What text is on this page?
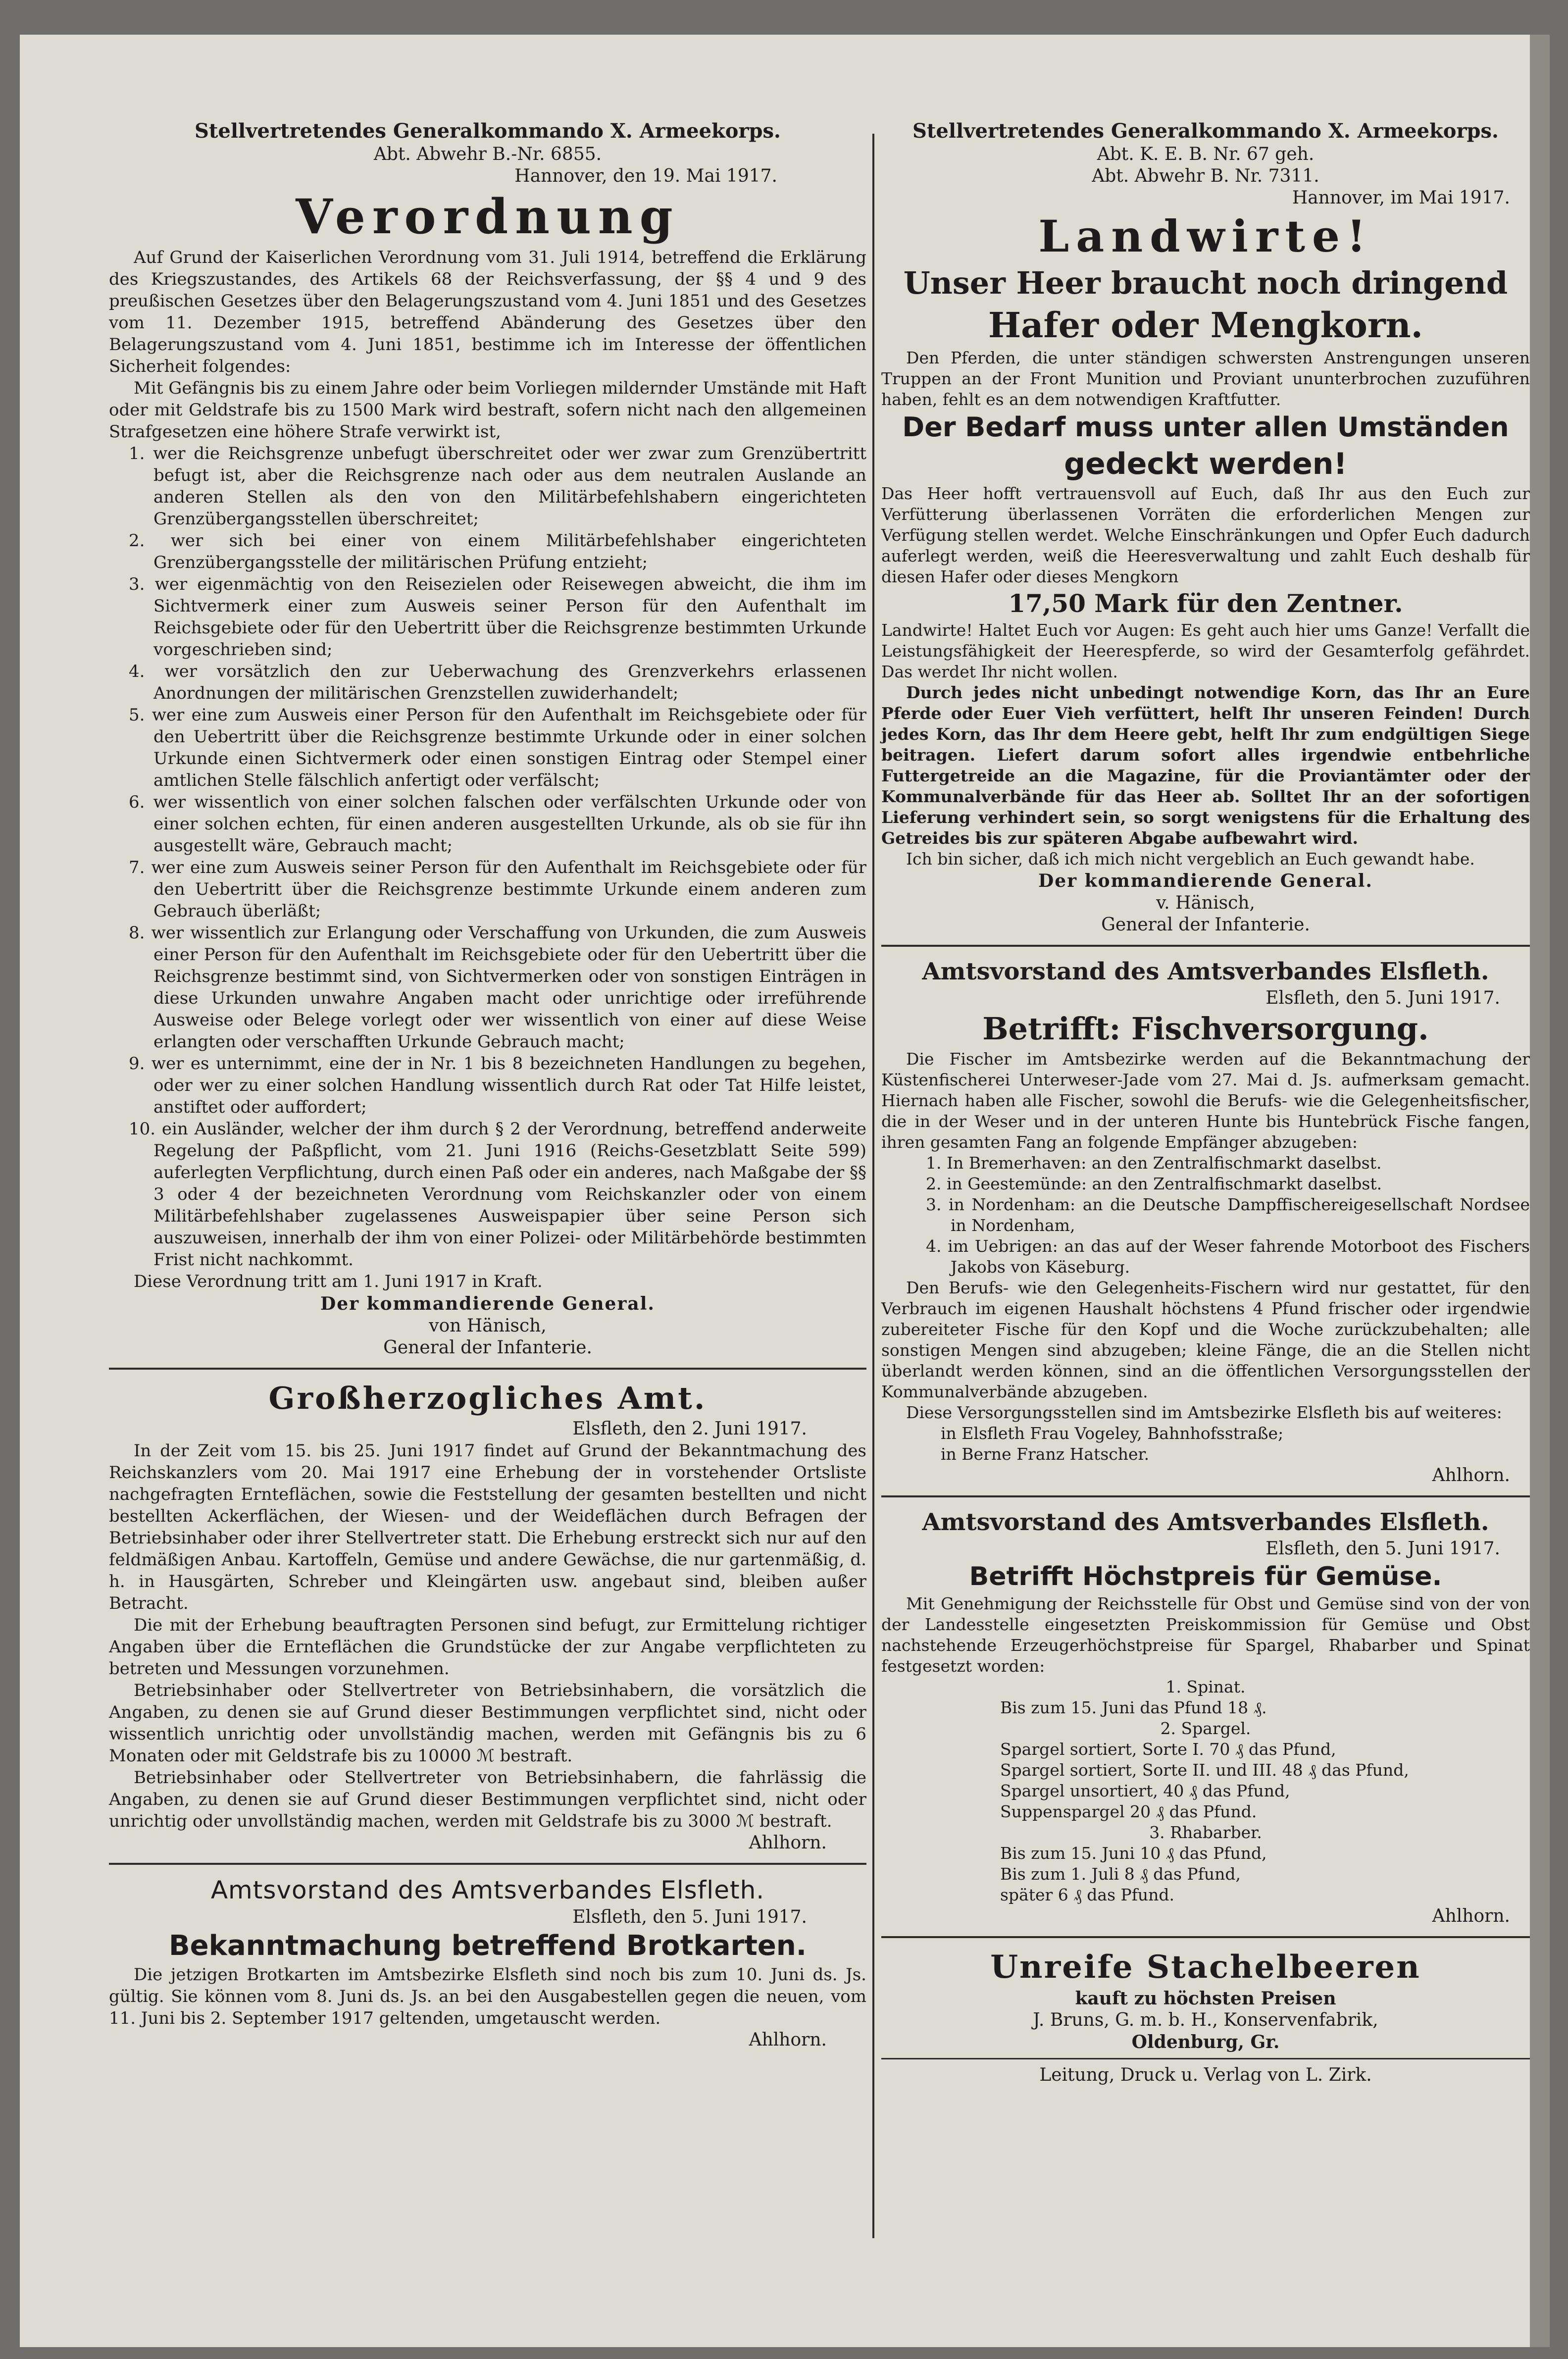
Stellvertretendes Generalkommando X. Armeekorps.
Abt. Abwehr B.-Nr. 6855.
Hannover, den 19. Mai 1917.
Verordnung

Auf Grund der Kaiserlichen Verordnung vom 31. Juli 1914, betreffend die Erklärung des Kriegszustandes, des Artikels 68 der Reichsverfassung, der §§ 4 und 9 des preußischen Gesetzes über den Belagerungszustand vom 4. Juni 1851 und des Gesetzes vom 11. Dezember 1915, betreffend Abänderung des Gesetzes über den Belagerungszustand vom 4. Juni 1851, bestimme ich im Interesse der öffentlichen Sicherheit folgendes:

Mit Gefängnis bis zu einem Jahre oder beim Vorliegen mildernder Umstände mit Haft oder mit Geldstrafe bis zu 1500 Mark wird bestraft, sofern nicht nach den allgemeinen Strafgesetzen eine höhere Strafe verwirkt ist,

1. wer die Reichsgrenze unbefugt überschreitet oder wer zwar zum Grenzübertritt befugt ist, aber die Reichsgrenze nach oder aus dem neutralen Auslande an anderen Stellen als den von den Militärbefehlshabern eingerichteten Grenzübergangsstellen überschreitet;

2. wer sich bei einer von einem Militärbefehlshaber eingerichteten Grenzübergangsstelle der militärischen Prüfung entzieht;

3. wer eigenmächtig von den Reisezielen oder Reisewegen abweicht, die ihm im Sichtvermerk einer zum Ausweis seiner Person für den Aufenthalt im Reichsgebiete oder für den Uebertritt über die Reichsgrenze bestimmten Urkunde vorgeschrieben sind;

4. wer vorsätzlich den zur Ueberwachung des Grenzverkehrs erlassenen Anordnungen der militärischen Grenzstellen zuwiderhandelt;

5. wer eine zum Ausweis einer Person für den Aufenthalt im Reichsgebiete oder für den Uebertritt über die Reichsgrenze bestimmte Urkunde oder in einer solchen Urkunde einen Sichtvermerk oder einen sonstigen Eintrag oder Stempel einer amtlichen Stelle fälschlich anfertigt oder verfälscht;

6. wer wissentlich von einer solchen falschen oder verfälschten Urkunde oder von einer solchen echten, für einen anderen ausgestellten Urkunde, als ob sie für ihn ausgestellt wäre, Gebrauch macht;

7. wer eine zum Ausweis seiner Person für den Aufenthalt im Reichsgebiete oder für den Uebertritt über die Reichsgrenze bestimmte Urkunde einem anderen zum Gebrauch überläßt;

8. wer wissentlich zur Erlangung oder Verschaffung von Urkunden, die zum Ausweis einer Person für den Aufenthalt im Reichsgebiete oder für den Uebertritt über die Reichsgrenze bestimmt sind, von Sichtvermerken oder von sonstigen Einträgen in diese Urkunden unwahre Angaben macht oder unrichtige oder irreführende Ausweise oder Belege vorlegt oder wer wissentlich von einer auf diese Weise erlangten oder verschafften Urkunde Gebrauch macht;

9. wer es unternimmt, eine der in Nr. 1 bis 8 bezeichneten Handlungen zu begehen, oder wer zu einer solchen Handlung wissentlich durch Rat oder Tat Hilfe leistet, anstiftet oder auffordert;

10. ein Ausländer, welcher der ihm durch § 2 der Verordnung, betreffend anderweite Regelung der Paßpflicht, vom 21. Juni 1916 (Reichs-Gesetzblatt Seite 599) auferlegten Verpflichtung, durch einen Paß oder ein anderes, nach Maßgabe der §§ 3 oder 4 der bezeichneten Verordnung vom Reichskanzler oder von einem Militärbefehlshaber zugelassenes Ausweispapier über seine Person sich auszuweisen, innerhalb der ihm von einer Polizei- oder Militärbehörde bestimmten Frist nicht nachkommt.

Diese Verordnung tritt am 1. Juni 1917 in Kraft.

Der kommandierende General.
von Hänisch,
General der Infanterie.
Großherzogliches Amt.
Elsfleth, den 2. Juni 1917.

In der Zeit vom 15. bis 25. Juni 1917 findet auf Grund der Bekanntmachung des Reichskanzlers vom 20. Mai 1917 eine Erhebung der in vorstehender Ortsliste nachgefragten Ernteflächen, sowie die Feststellung der gesamten bestellten und nicht bestellten Ackerflächen, der Wiesen- und der Weideflächen durch Befragen der Betriebsinhaber oder ihrer Stellvertreter statt. Die Erhebung erstreckt sich nur auf den feldmäßigen Anbau. Kartoffeln, Gemüse und andere Gewächse, die nur gartenmäßig, d. h. in Hausgärten, Schreber und Kleingärten usw. angebaut sind, bleiben außer Betracht.

Die mit der Erhebung beauftragten Personen sind befugt, zur Ermittelung richtiger Angaben über die Ernteflächen die Grundstücke der zur Angabe verpflichteten zu betreten und Messungen vorzunehmen.

Betriebsinhaber oder Stellvertreter von Betriebsinhabern, die vorsätzlich die Angaben, zu denen sie auf Grund dieser Bestimmungen verpflichtet sind, nicht oder wissentlich unrichtig oder unvollständig machen, werden mit Gefängnis bis zu 6 Monaten oder mit Geldstrafe bis zu 10000 ℳ bestraft.

Betriebsinhaber oder Stellvertreter von Betriebsinhabern, die fahrlässig die Angaben, zu denen sie auf Grund dieser Bestimmungen verpflichtet sind, nicht oder unrichtig oder unvollständig machen, werden mit Geldstrafe bis zu 3000 ℳ bestraft.

Ahlhorn.
Amtsvorstand des Amtsverbandes Elsfleth.
Elsfleth, den 5. Juni 1917.
Bekanntmachung betreffend Brotkarten.

Die jetzigen Brotkarten im Amtsbezirke Elsfleth sind noch bis zum 10. Juni ds. Js. gültig. Sie können vom 8. Juni ds. Js. an bei den Ausgabestellen gegen die neuen, vom 11. Juni bis 2. September 1917 geltenden, umgetauscht werden.

Ahlhorn.
Stellvertretendes Generalkommando X. Armeekorps.
Abt. K. E. B. Nr. 67 geh.
Abt. Abwehr B. Nr. 7311.
Hannover, im Mai 1917.
Landwirte!
Unser Heer braucht noch dringend
Hafer oder Mengkorn.

Den Pferden, die unter ständigen schwersten Anstrengungen unseren Truppen an der Front Munition und Proviant ununterbrochen zuzuführen haben, fehlt es an dem notwendigen Kraftfutter.

Der Bedarf muss unter allen Umständen
gedeckt werden!

Das Heer hofft vertrauensvoll auf Euch, daß Ihr aus den Euch zur Verfütterung überlassenen Vorräten die erforderlichen Mengen zur Verfügung stellen werdet. Welche Einschränkungen und Opfer Euch dadurch auferlegt werden, weiß die Heeresverwaltung und zahlt Euch deshalb für diesen Hafer oder dieses Mengkorn

17,50 Mark für den Zentner.

Landwirte! Haltet Euch vor Augen: Es geht auch hier ums Ganze! Verfallt die Leistungsfähigkeit der Heerespferde, so wird der Gesamterfolg gefährdet. Das werdet Ihr nicht wollen.

Durch jedes nicht unbedingt notwendige Korn, das Ihr an Eure Pferde oder Euer Vieh verfüttert, helft Ihr unseren Feinden! Durch jedes Korn, das Ihr dem Heere gebt, helft Ihr zum endgültigen Siege beitragen. Liefert darum sofort alles irgendwie entbehrliche Futtergetreide an die Magazine, für die Proviantämter oder der Kommunalverbände für das Heer ab. Solltet Ihr an der sofortigen Lieferung verhindert sein, so sorgt wenigstens für die Erhaltung des Getreides bis zur späteren Abgabe aufbewahrt wird.

Ich bin sicher, daß ich mich nicht vergeblich an Euch gewandt habe.

Der kommandierende General.
v. Hänisch,
General der Infanterie.
Amtsvorstand des Amtsverbandes Elsfleth.
Elsfleth, den 5. Juni 1917.
Betrifft: Fischversorgung.

Die Fischer im Amtsbezirke werden auf die Bekanntmachung der Küstenfischerei Unterweser-Jade vom 27. Mai d. Js. aufmerksam gemacht. Hiernach haben alle Fischer, sowohl die Berufs- wie die Gelegenheitsfischer, die in der Weser und in der unteren Hunte bis Huntebrück Fische fangen, ihren gesamten Fang an folgende Empfänger abzugeben:

1. In Bremerhaven: an den Zentralfischmarkt daselbst.

2. in Geestemünde: an den Zentralfischmarkt daselbst.

3. in Nordenham: an die Deutsche Dampffischereigesellschaft Nordsee in Nordenham,

4. im Uebrigen: an das auf der Weser fahrende Motorboot des Fischers Jakobs von Käseburg.

Den Berufs- wie den Gelegenheits-Fischern wird nur gestattet, für den Verbrauch im eigenen Haushalt höchstens 4 Pfund frischer oder irgendwie zubereiteter Fische für den Kopf und die Woche zurückzubehalten; alle sonstigen Mengen sind abzugeben; kleine Fänge, die an die Stellen nicht überlandt werden können, sind an die öffentlichen Versorgungsstellen der Kommunalverbände abzugeben.

Diese Versorgungsstellen sind im Amtsbezirke Elsfleth bis auf weiteres:

in Elsfleth Frau Vogeley, Bahnhofsstraße;
in Berne Franz Hatscher.
Ahlhorn.
Amtsvorstand des Amtsverbandes Elsfleth.
Elsfleth, den 5. Juni 1917.
Betrifft Höchstpreis für Gemüse.

Mit Genehmigung der Reichsstelle für Obst und Gemüse sind von der von der Landesstelle eingesetzten Preiskommission für Gemüse und Obst nachstehende Erzeugerhöchstpreise für Spargel, Rhabarber und Spinat festgesetzt worden:

1. Spinat.
Bis zum 15. Juni das Pfund 18 ₰.
2. Spargel.
Spargel sortiert, Sorte I. 70 ₰ das Pfund,
Spargel sortiert, Sorte II. und III. 48 ₰ das Pfund,
Spargel unsortiert, 40 ₰ das Pfund,
Suppenspargel 20 ₰ das Pfund.
3. Rhabarber.
Bis zum 15. Juni 10 ₰ das Pfund,
Bis zum 1. Juli 8 ₰ das Pfund,
später 6 ₰ das Pfund.
Ahlhorn.
Unreife Stachelbeeren
kauft zu höchsten Preisen
J. Bruns, G. m. b. H., Konservenfabrik,
Oldenburg, Gr.
Leitung, Druck u. Verlag von L. Zirk.
